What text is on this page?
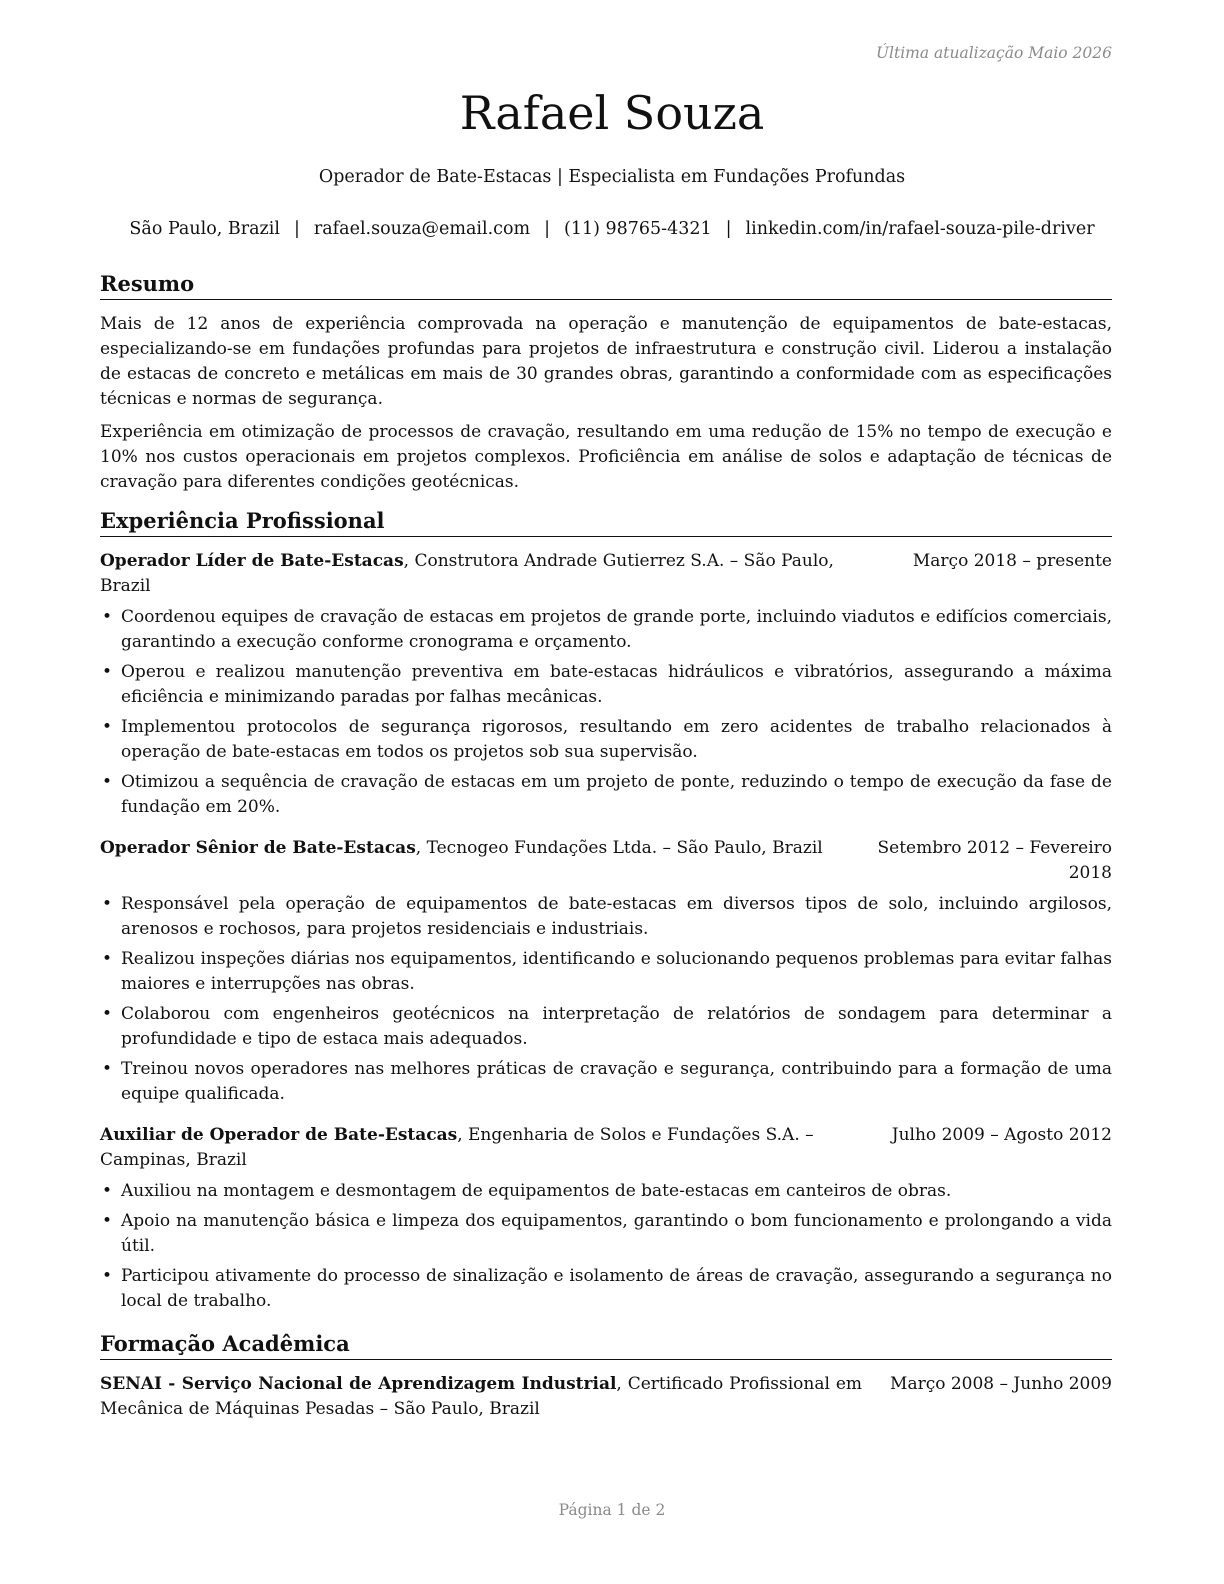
Última atualização Maio 2026
Rafael Souza
Operador de Bate-Estacas | Especialista em Fundações Profundas
São Paulo, Brazil | rafael.souza@email.com | (11) 98765-4321 | linkedin.com/in/rafael-souza-pile-driver
Resumo

Mais de 12 anos de experiência comprovada na operação e manutenção de equipamentos de bate-estacas, especializando-se em fundações profundas para projetos de infraestrutura e construção civil. Liderou a instalação de estacas de concreto e metálicas em mais de 30 grandes obras, garantindo a conformidade com as especificações técnicas e normas de segurança.

Experiência em otimização de processos de cravação, resultando em uma redução de 15% no tempo de execução e 10% nos custos operacionais em projetos complexos. Proficiência em análise de solos e adaptação de técnicas de cravação para diferentes condições geotécnicas.

Experiência Profissional
Operador Líder de Bate-Estacas, Construtora Andrade Gutierrez S.A. – São Paulo, Brazil
Março 2018 – presente
• Coordenou equipes de cravação de estacas em projetos de grande porte, incluindo viadutos e edifícios comerciais, garantindo a execução conforme cronograma e orçamento.
• Operou e realizou manutenção preventiva em bate-estacas hidráulicos e vibratórios, assegurando a máxima eficiência e minimizando paradas por falhas mecânicas.
• Implementou protocolos de segurança rigorosos, resultando em zero acidentes de trabalho relacionados à operação de bate-estacas em todos os projetos sob sua supervisão.
• Otimizou a sequência de cravação de estacas em um projeto de ponte, reduzindo o tempo de execução da fase de fundação em 20%.
Operador Sênior de Bate-Estacas, Tecnogeo Fundações Ltda. – São Paulo, Brazil	Setembro 2012 – Fevereiro 2018
• Responsável pela operação de equipamentos de bate-estacas em diversos tipos de solo, incluindo argilosos, arenosos e rochosos, para projetos residenciais e industriais.
• Realizou inspeções diárias nos equipamentos, identificando e solucionando pequenos problemas para evitar falhas maiores e interrupções nas obras.
• Colaborou com engenheiros geotécnicos na interpretação de relatórios de sondagem para determinar a profundidade e tipo de estaca mais adequados.
• Treinou novos operadores nas melhores práticas de cravação e segurança, contribuindo para a formação de uma equipe qualificada.
Auxiliar de Operador de Bate-Estacas, Engenharia de Solos e Fundações S.A. – Campinas, Brazil
Julho 2009 – Agosto 2012
• Auxiliou na montagem e desmontagem de equipamentos de bate-estacas em canteiros de obras.
• Apoio na manutenção básica e limpeza dos equipamentos, garantindo o bom funcionamento e prolongando a vida útil.
• Participou ativamente do processo de sinalização e isolamento de áreas de cravação, assegurando a segurança no local de trabalho.
Formação Acadêmica
SENAI - Serviço Nacional de Aprendizagem Industrial, Certificado Profissional em Mecânica de Máquinas Pesadas – São Paulo, Brazil
Março 2008 – Junho 2009
Página 1 de 2
